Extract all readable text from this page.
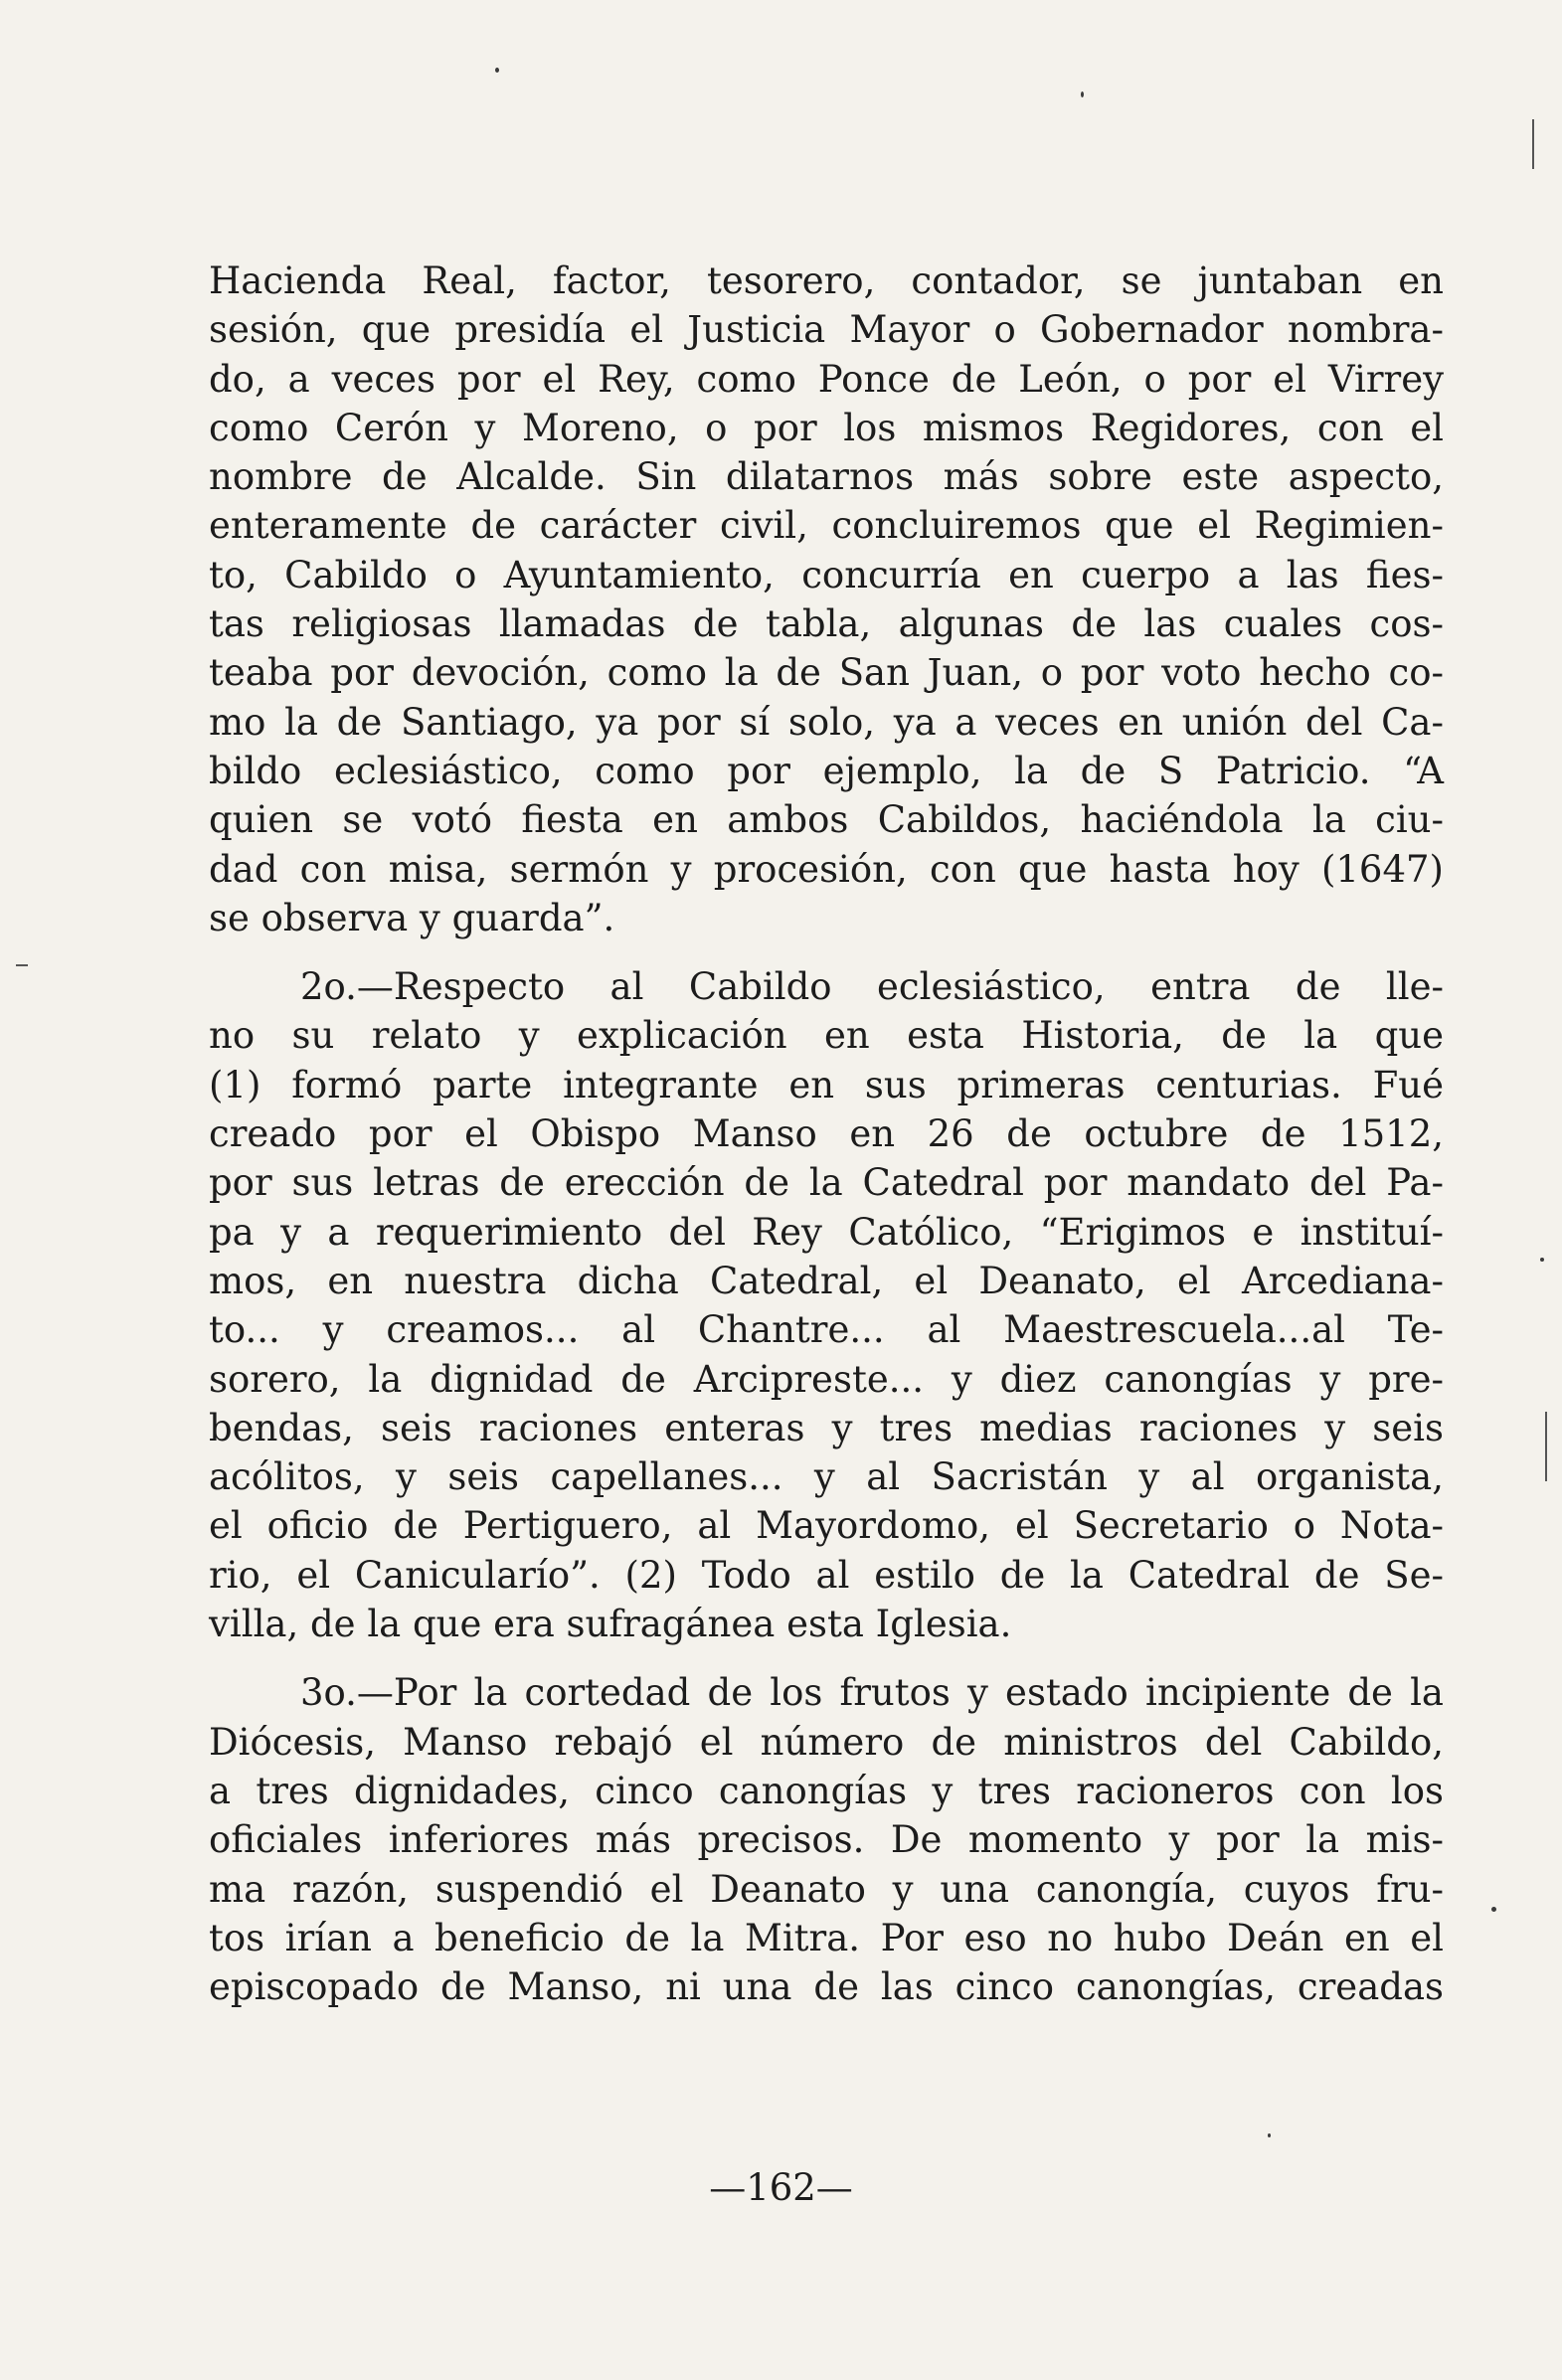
Hacienda Real, factor, tesorero, contador, se juntaban en
sesión, que presidía el Justicia Mayor o Gobernador nombra-
do, a veces por el Rey, como Ponce de León, o por el Virrey
como Cerón y Moreno, o por los mismos Regidores, con el
nombre de Alcalde. Sin dilatarnos más sobre este aspecto,
enteramente de carácter civil, concluiremos que el Regimien-
to, Cabildo o Ayuntamiento, concurría en cuerpo a las fies-
tas religiosas llamadas de tabla, algunas de las cuales cos-
teaba por devoción, como la de San Juan, o por voto hecho co-
mo la de Santiago, ya por sí solo, ya a veces en unión del Ca-
bildo eclesiástico, como por ejemplo, la de S Patricio. “A
quien se votó fiesta en ambos Cabildos, haciéndola la ciu-
dad con misa, sermón y procesión, con que hasta hoy (1647)
se observa y guarda”.
2o.—Respecto al Cabildo eclesiástico, entra de lle-
no su relato y explicación en esta Historia, de la que
(1) formó parte integrante en sus primeras centurias. Fué
creado por el Obispo Manso en 26 de octubre de 1512,
por sus letras de erección de la Catedral por mandato del Pa-
pa y a requerimiento del Rey Católico, “Erigimos e instituí-
mos, en nuestra dicha Catedral, el Deanato, el Arcediana-
to... y creamos... al Chantre... al Maestrescuela...al Te-
sorero, la dignidad de Arcipreste... y diez canongías y pre-
bendas, seis raciones enteras y tres medias raciones y seis
acólitos, y seis capellanes... y al Sacristán y al organista,
el oficio de Pertiguero, al Mayordomo, el Secretario o Nota-
rio, el Canicularío”. (2) Todo al estilo de la Catedral de Se-
villa, de la que era sufragánea esta Iglesia.
3o.—Por la cortedad de los frutos y estado incipiente de la
Diócesis, Manso rebajó el número de ministros del Cabildo,
a tres dignidades, cinco canongías y tres racioneros con los
oficiales inferiores más precisos. De momento y por la mis-
ma razón, suspendió el Deanato y una canongía, cuyos fru-
tos irían a beneficio de la Mitra. Por eso no hubo Deán en el
episcopado de Manso, ni una de las cinco canongías, creadas
—162—
